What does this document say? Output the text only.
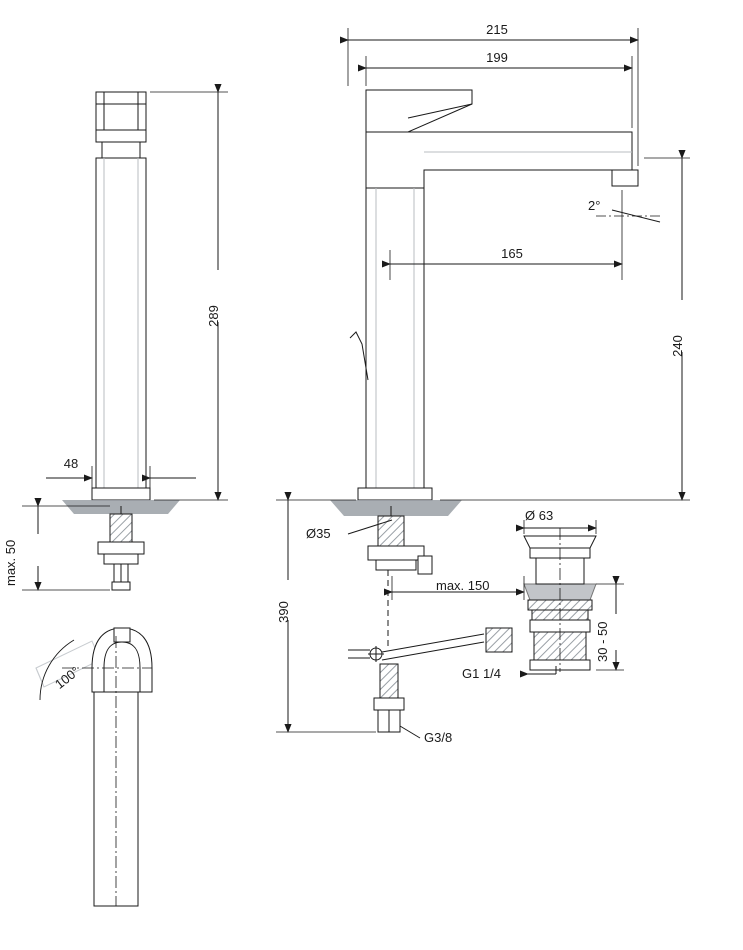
289
48
215
199
165
240
390
max. 50
100°
Ø35
Ø 63
max. 150
30 - 50
G1 1/4
G3/8
2°
